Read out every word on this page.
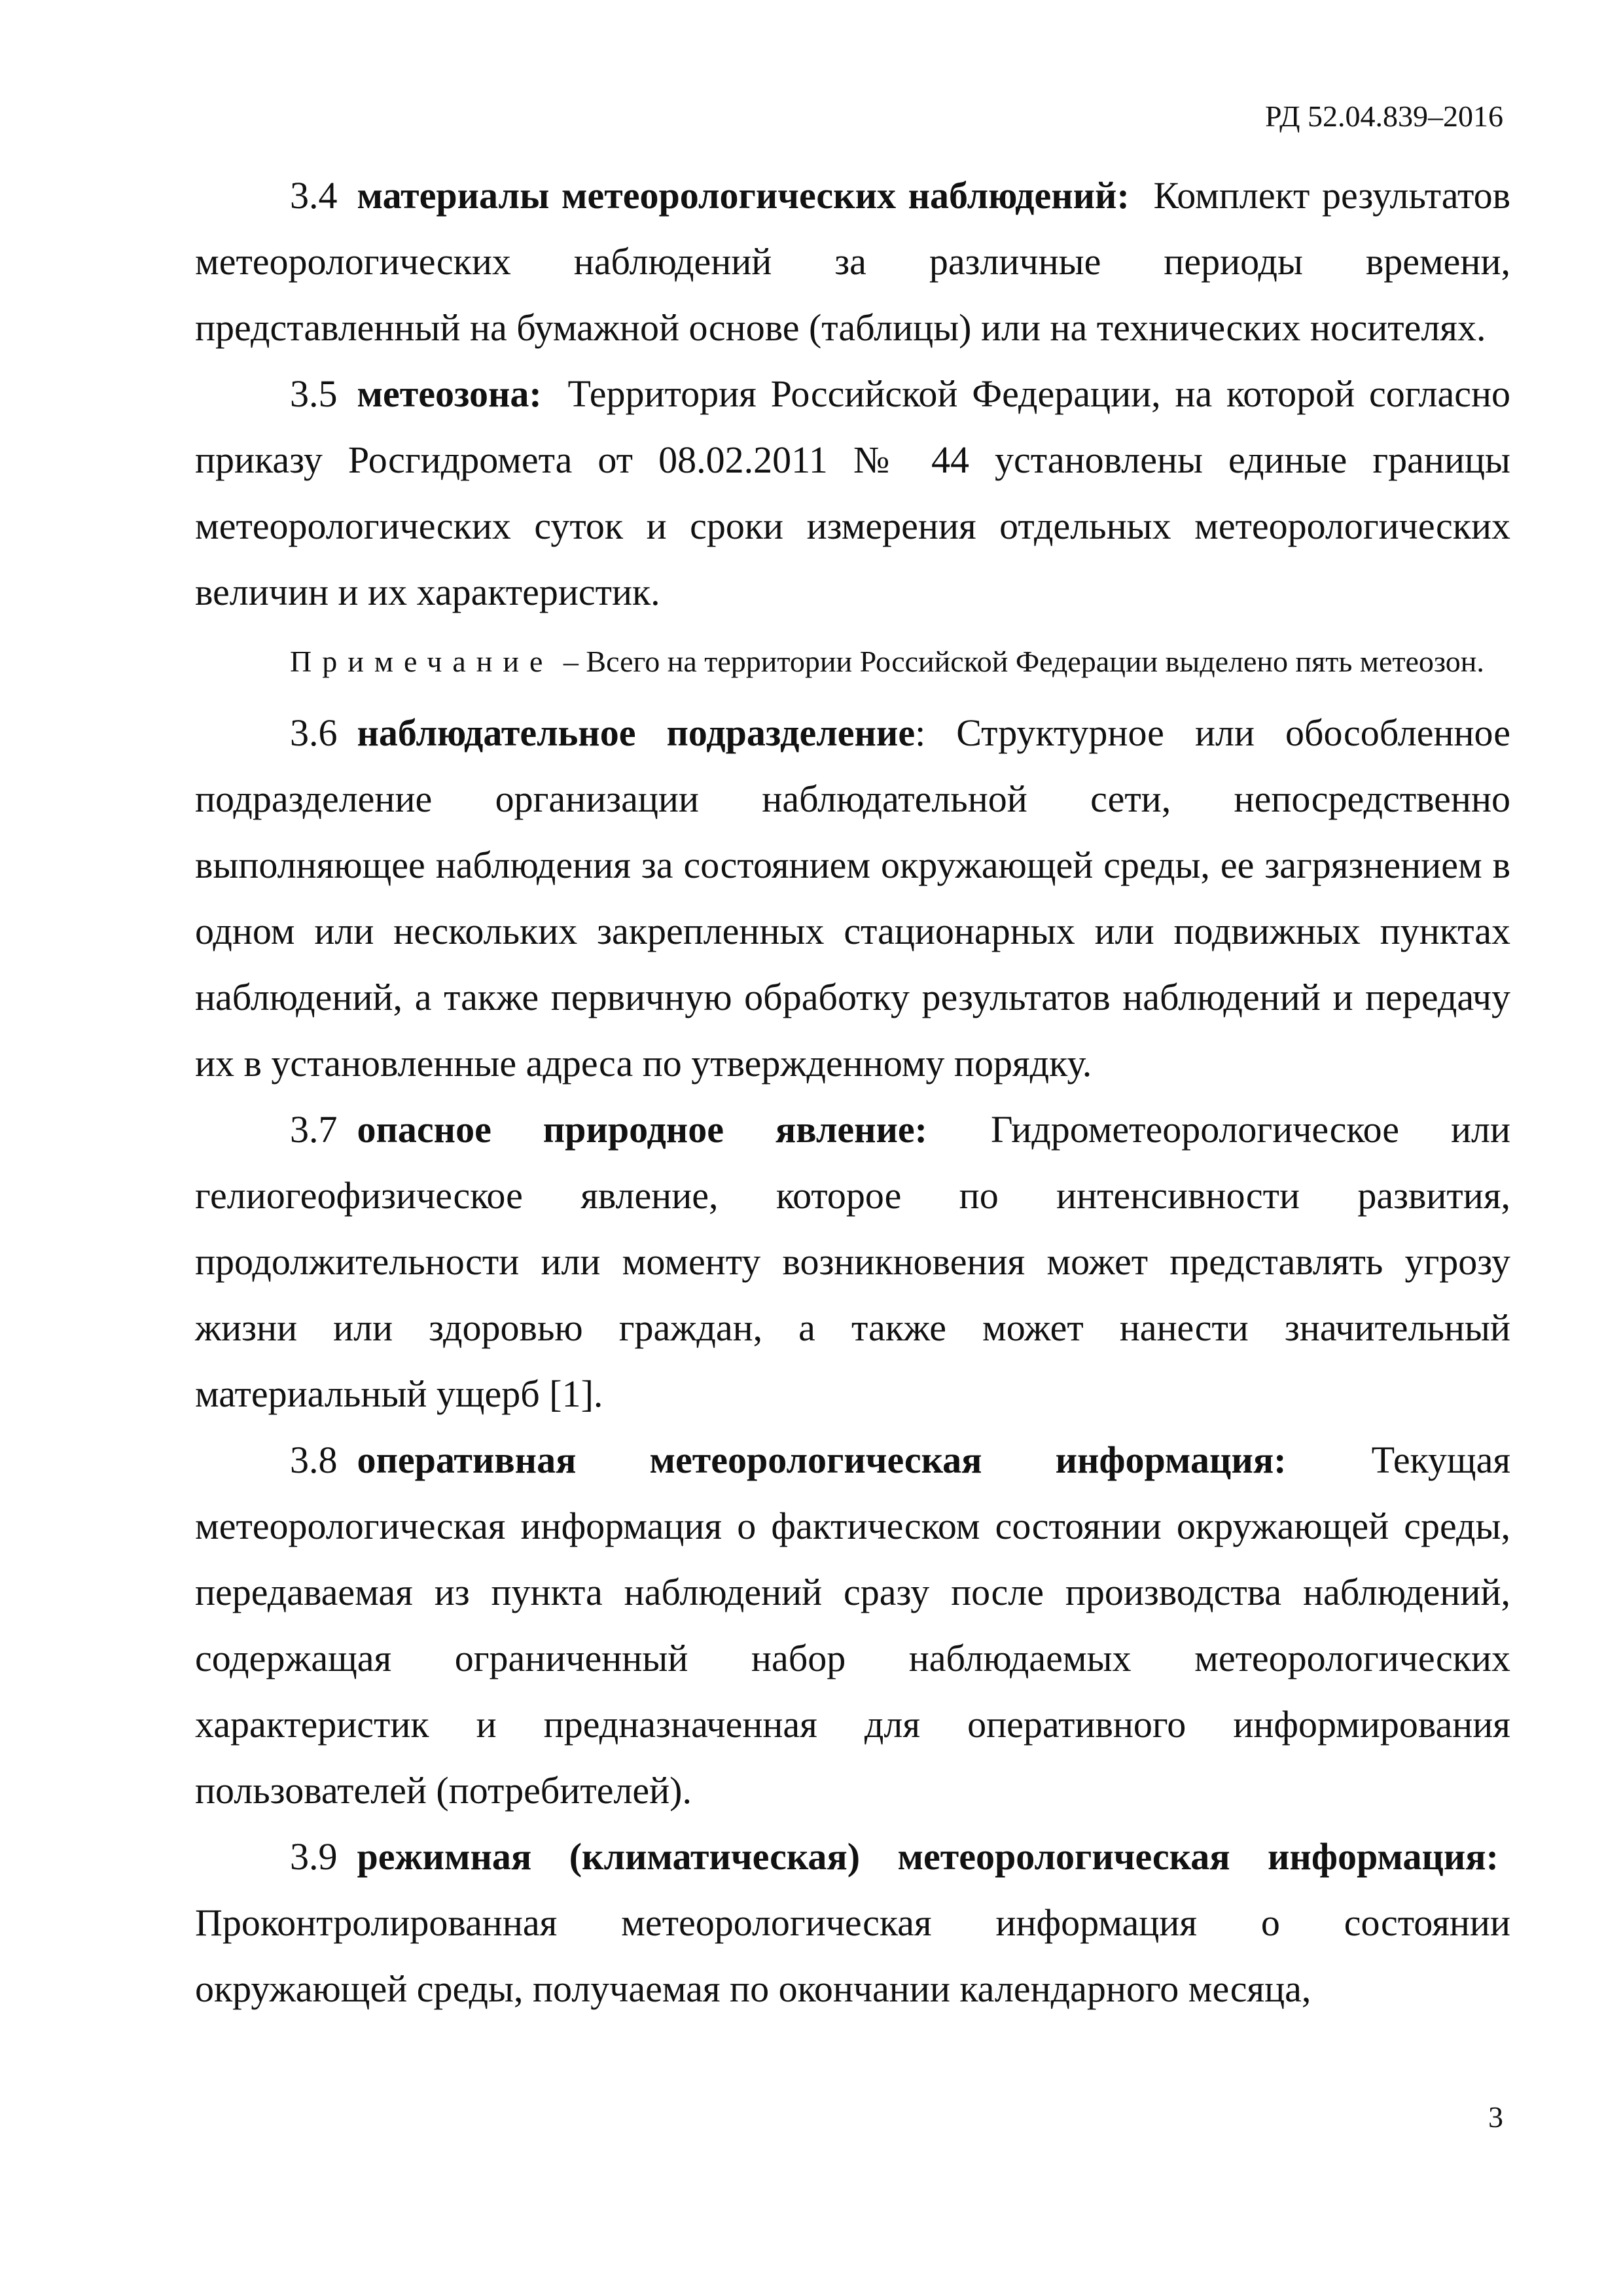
РД 52.04.839–2016

3.4 материалы метеорологических наблюдений: Комплект результатов метеорологических наблюдений за различные периоды времени, представленный на бумажной основе (таблицы) или на технических носителях.

3.5 метеозона: Территория Российской Федерации, на которой согласно приказу Росгидромета от 08.02.2011 № 44 установлены единые границы метеорологических суток и сроки измерения отдельных метеорологических величин и их характеристик.

Примечание – Всего на территории Российской Федерации выделено пять метеозон.

3.6 наблюдательное подразделение: Структурное или обособленное подразделение организации наблюдательной сети, непосредственно выполняющее наблюдения за состоянием окружающей среды, ее загрязнением в одном или нескольких закрепленных стационарных или подвижных пунктах наблюдений, а также первичную обработку результатов наблюдений и передачу их в установленные адреса по утвержденному порядку.

3.7 опасное природное явление: Гидрометеорологическое или гелиогеофизическое явление, которое по интенсивности развития, продолжительности или моменту возникновения может представлять угрозу жизни или здоровью граждан, а также может нанести значительный материальный ущерб [1].

3.8 оперативная метеорологическая информация: Текущая метеорологическая информация о фактическом состоянии окружающей среды, передаваемая из пункта наблюдений сразу после производства наблюдений, содержащая ограниченный набор наблюдаемых метеорологических характеристик и предназначенная для оперативного информирования пользователей (потребителей).

3.9 режимная (климатическая) метеорологическая информация: Проконтролированная метеорологическая информация о состоянии окружающей среды, получаемая по окончании календарного месяца,

3
